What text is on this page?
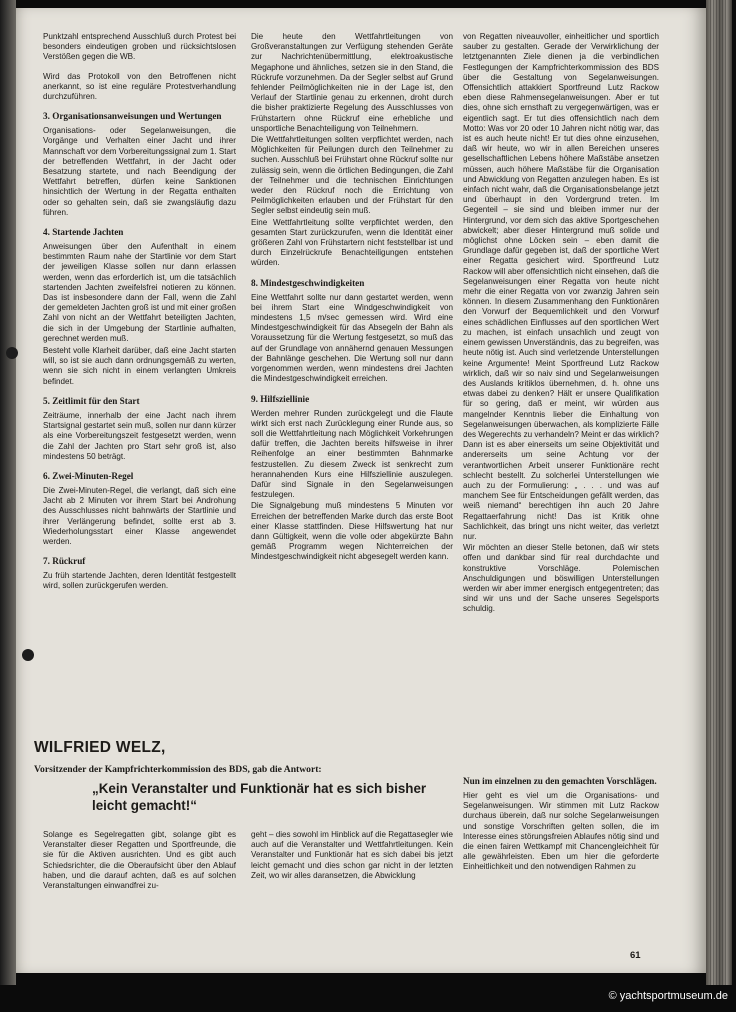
Punktzahl entsprechend Ausschluß durch Protest bei besonders eindeutigen groben und rücksichtslosen Verstößen gegen die WB.

Wird das Protokoll von den Betroffenen nicht anerkannt, so ist eine reguläre Protestverhandlung durchzuführen.

3. Organisationsanweisungen und Wertungen

Organisations- oder Segelanweisungen, die Vorgänge und Verhalten einer Jacht und ihrer Mannschaft vor dem Vorbereitungssignal zum 1. Start der betreffenden Wettfahrt, in der Jacht oder Besatzung startete, und nach Beendigung der Wettfahrt betreffen, dürfen keine Sanktionen hinsichtlich der Wertung in der Regatta enthalten oder so gehalten sein, daß sie zwangsläufig dazu führen.

4. Startende Jachten

Anweisungen über den Aufenthalt in einem bestimmten Raum nahe der Startlinie vor dem Start der jeweiligen Klasse sollen nur dann erlassen werden, wenn das erforderlich ist, um die tatsächlich startenden Jachten zweifelsfrei notieren zu können. Das ist insbesondere dann der Fall, wenn die Zahl der gemeldeten Jachten groß ist und mit einer großen Zahl von nicht an der Wettfahrt beteiligten Jachten, die sich in der Umgebung der Startlinie aufhalten, gerechnet werden muß.

Besteht volle Klarheit darüber, daß eine Jacht starten will, so ist sie auch dann ordnungsgemäß zu werten, wenn sie sich nicht in einem verlangten Umkreis befindet.

5. Zeitlimit für den Start

Zeiträume, innerhalb der eine Jacht nach ihrem Startsignal gestartet sein muß, sollen nur dann kürzer als eine Vorbereitungszeit festgesetzt werden, wenn die Zahl der Jachten pro Start sehr groß ist, also mindestens 50 beträgt.

6. Zwei-Minuten-Regel

Die Zwei-Minuten-Regel, die verlangt, daß sich eine Jacht ab 2 Minuten vor ihrem Start bei Androhung des Ausschlusses nicht bahnwärts der Startlinie und ihrer Verlängerung befindet, sollte erst ab 3. Wiederholungsstart einer Klasse angewendet werden.

7. Rückruf

Zu früh startende Jachten, deren Identität festgestellt wird, sollen zurückgerufen werden.

Die heute den Wettfahrtleitungen von Großveranstaltungen zur Verfügung stehenden Geräte zur Nachrichtenübermittlung, elektroakustische Megaphone und ähnliches, setzen sie in den Stand, die Rückrufe vorzunehmen. Da der Segler selbst auf Grund fehlender Peilmöglichkeiten nie in der Lage ist, den Verlauf der Startlinie genau zu erkennen, droht durch die bisher praktizierte Regelung des Ausschlusses von Frühstartern ohne Rückruf eine erhebliche und unsportliche Benachteiligung von Teilnehmern.

Die Wettfahrtleitungen sollten verpflichtet werden, nach Möglichkeiten für Peilungen durch den Teilnehmer zu suchen. Ausschluß bei Frühstart ohne Rückruf sollte nur zulässig sein, wenn die örtlichen Bedingungen, die Zahl der Teilnehmer und die technischen Einrichtungen weder den Rückruf noch die Errichtung von Peilmöglichkeiten erlauben und der Frühstart für den Segler selbst eindeutig sein muß.

Eine Wettfahrtleitung sollte verpflichtet werden, den gesamten Start zurückzurufen, wenn die Identität einer größeren Zahl von Frühstartern nicht feststellbar ist und durch Einzelrückrufe Benachteiligungen entstehen würden.

8. Mindestgeschwindigkeiten

Eine Wettfahrt sollte nur dann gestartet werden, wenn bei ihrem Start eine Windgeschwindigkeit von mindestens 1,5 m/sec gemessen wird. Wird eine Mindestgeschwindigkeit für das Absegeln der Bahn als Voraussetzung für die Wertung festgesetzt, so muß das auf der Grundlage von annähernd genauen Messungen der Bahnlänge geschehen. Die Wertung soll nur dann vorgenommen werden, wenn mindestens drei Jachten die Mindestgeschwindigkeit erreichen.

9. Hilfsziellinie

Werden mehrer Runden zurückgelegt und die Flaute wirkt sich erst nach Zurücklegung einer Runde aus, so soll die Wettfahrtleitung nach Möglichkeit Vorkehrungen dafür treffen, die Jachten bereits hilfsweise in ihrer Reihenfolge an einer bestimmten Bahnmarke festzustellen. Zu diesem Zweck ist senkrecht zum herannahenden Kurs eine Hilfsziellinie auszulegen. Dafür sind Signale in den Segelanweisungen festzulegen.

Die Signalgebung muß mindestens 5 Minuten vor Erreichen der betreffenden Marke durch das erste Boot einer Klasse stattfinden. Diese Hilfswertung hat nur dann Gültigkeit, wenn die volle oder abgekürzte Bahn gemäß Programm wegen Nichterreichen der Mindestgeschwindigkeit nicht abgesegelt werden kann.

von Regatten niveauvoller, einheitlicher und sportlich sauber zu gestalten. Gerade der Verwirklichung der letztgenannten Ziele dienen ja die verbindlichen Festlegungen der Kampfrichterkommission des BDS über die Gestaltung von Segelanweisungen. Offensichtlich attakkiert Sportfreund Lutz Rackow eben diese Rahmensegelanweisungen. Aber er tut dies, ohne sich ernsthaft zu vergegenwärtigen, was er eigentlich sagt. Er tut dies offensichtlich nach dem Motto: Was vor 20 oder 10 Jahren nicht nötig war, das ist es auch heute nicht! Er tut dies ohne einzusehen, daß wir heute, wo wir in allen Bereichen unseres gesellschaftlichen Lebens höhere Maßstäbe ansetzen müssen, auch höhere Maßstäbe für die Organisation und Abwicklung von Regatten anzulegen haben. Es ist einfach nicht wahr, daß die Organisationsbelange jetzt und überhaupt in den Vordergrund treten. Im Gegenteil – sie sind und bleiben immer nur der Hintergrund, vor dem sich das aktive Sportgeschehen abwickelt; aber dieser Hintergrund muß solide und möglichst ohne Löcken sein – eben damit die Grundlage dafür gegeben ist, daß der sportliche Wert einer Regatta gesichert wird. Sportfreund Lutz Rackow will aber offensichtlich nicht einsehen, daß die Segelanweisungen einer Regatta von heute nicht mehr die einer Regatta von vor zwanzig Jahren sein können. In diesem Zusammenhang den Funktionären den Vorwurf der Bequemlichkeit und den Vorwurf eines schädlichen Einflusses auf den sportlichen Wert zu machen, ist einfach unsachlich und zeugt von einem gewissen Unverständnis, das zu begreifen, was heute nötig ist. Auch sind verletzende Unterstellungen keine Argumente! Meint Sportfreund Lutz Rackow wirklich, daß wir so naiv sind und Segelanweisungen des Auslands kritiklos übernehmen, d. h. ohne uns etwas dabei zu denken? Hält er unsere Qualifikation für so gering, daß er meint, wir würden aus mangelnder Kenntnis lieber die Einhaltung von Segelanweisungen überwachen, als komplizierte Fälle des Wegerechts zu verhandeln? Meint er das wirklich? Dann ist es aber einerseits um seine Objektivität und andererseits um seine Achtung vor der verantwortlichen Arbeit unserer Funktionäre recht schlecht bestellt. Zu solcherlei Unterstellungen wie auch zu der Formulierung: „ . . . und was auf manchem See für Entscheidungen gefällt werden, das weiß niemand“ berechtigen ihn auch 20 Jahre Regattaerfahrung nicht! Das ist Kritik ohne Sachlichkeit, das bringt uns nicht weiter, das verletzt nur.

Wir möchten an dieser Stelle betonen, daß wir stets offen und dankbar sind für real durchdachte und konstruktive Vorschläge. Polemischen Anschuldigungen und böswilligen Unterstellungen werden wir aber immer energisch entgegentreten; das sind wir uns und der Sache unseres Segelsports schuldig.

WILFRIED WELZ,
Vorsitzender der Kampfrichterkommission des BDS, gab die Antwort:
„Kein Veranstalter und Funktionär hat es sich bisher leicht gemacht!“

Solange es Segelregatten gibt, solange gibt es Veranstalter dieser Regatten und Sportfreunde, die sie für die Aktiven ausrichten. Und es gibt auch Schiedsrichter, die die Oberaufsicht über den Ablauf haben, und die darauf achten, daß es auf solchen Veranstaltungen einwandfrei zu-

geht – dies sowohl im Hinblick auf die Regattasegler wie auch auf die Veranstalter und Wettfahrtleitungen. Kein Veranstalter und Funktionär hat es sich dabei bis jetzt leicht gemacht und dies schon gar nicht in der letzten Zeit, wo wir alles daransetzen, die Abwicklung

Nun im einzelnen zu den gemachten Vorschlägen.

Hier geht es viel um die Organisations- und Segelanweisungen. Wir stimmen mit Lutz Rackow durchaus überein, daß nur solche Segelanweisungen und sonstige Vorschriften gelten sollen, die im Interesse eines störungsfreien Ablaufes nötig sind und die einen fairen Wettkampf mit Chancengleichheit für alle gewährleisten. Eben um hier die geforderte Einheitlichkeit und den notwendigen Rahmen zu

61
© yachtsportmuseum.de
